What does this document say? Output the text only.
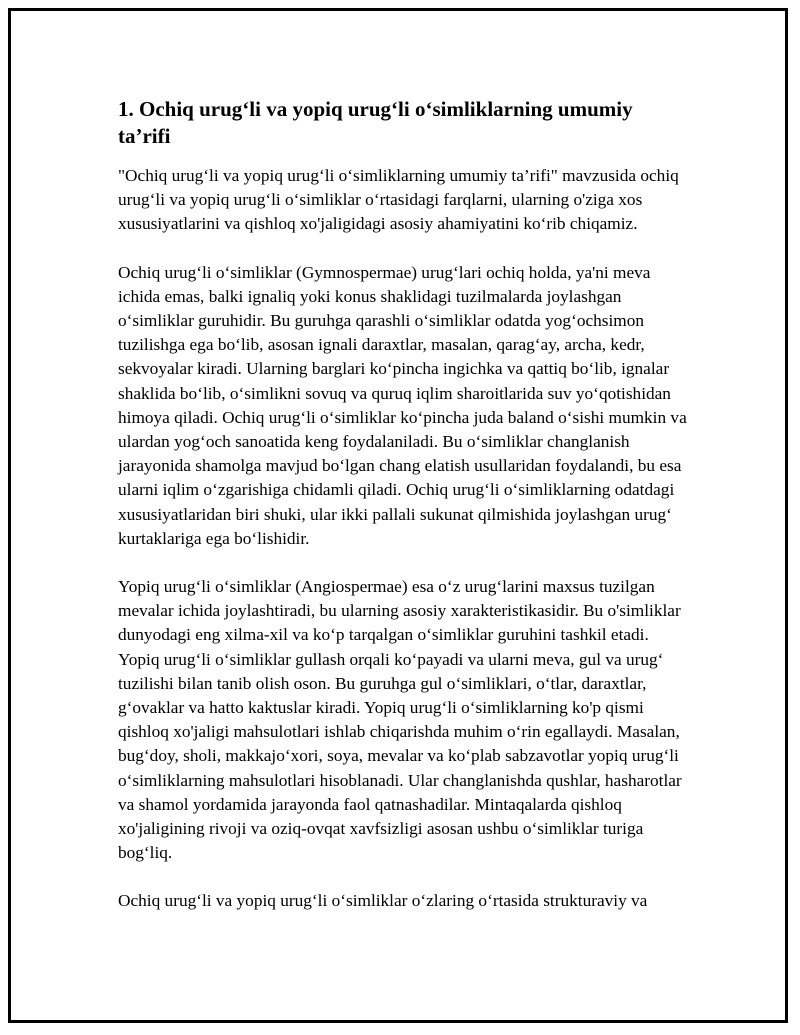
1. Ochiq urug‘li va yopiq urug‘li o‘simliklarning umumiy ta’rifi

"Ochiq urug‘li va yopiq urug‘li o‘simliklarning umumiy ta’rifi" mavzusida ochiq urug‘li va yopiq urug‘li o‘simliklar o‘rtasidagi farqlarni, ularning o'ziga xos xususiyatlarini va qishloq xo'jaligidagi asosiy ahamiyatini ko‘rib chiqamiz.

Ochiq urug‘li o‘simliklar (Gymnospermae) urug‘lari ochiq holda, ya'ni meva ichida emas, balki ignaliq yoki konus shaklidagi tuzilmalarda joylashgan o‘simliklar guruhidir. Bu guruhga qarashli o‘simliklar odatda yog‘ochsimon tuzilishga ega bo‘lib, asosan ignali daraxtlar, masalan, qarag‘ay, archa, kedr, sekvoyalar kiradi. Ularning barglari ko‘pincha ingichka va qattiq bo‘lib, ignalar shaklida bo‘lib, o‘simlikni sovuq va quruq iqlim sharoitlarida suv yo‘qotishidan himoya qiladi. Ochiq urug‘li o‘simliklar ko‘pincha juda baland o‘sishi mumkin va ulardan yog‘och sanoatida keng foydalaniladi. Bu o‘simliklar changlanish jarayonida shamolga mavjud bo‘lgan chang elatish usullaridan foydalandi, bu esa ularni iqlim o‘zgarishiga chidamli qiladi. Ochiq urug‘li o‘simliklarning odatdagi xususiyatlaridan biri shuki, ular ikki pallali sukunat qilmishida joylashgan urug‘ kurtaklariga ega bo‘lishidir.

Yopiq urug‘li o‘simliklar (Angiospermae) esa o‘z urug‘larini maxsus tuzilgan mevalar ichida joylashtiradi, bu ularning asosiy xarakteristikasidir. Bu o'simliklar dunyodagi eng xilma-xil va ko‘p tarqalgan o‘simliklar guruhini tashkil etadi. Yopiq urug‘li o‘simliklar gullash orqali ko‘payadi va ularni meva, gul va urug‘ tuzilishi bilan tanib olish oson. Bu guruhga gul o‘simliklari, o‘tlar, daraxtlar, g‘ovaklar va hatto kaktuslar kiradi. Yopiq urug‘li o‘simliklarning ko'p qismi qishloq xo'jaligi mahsulotlari ishlab chiqarishda muhim o‘rin egallaydi. Masalan, bug‘doy, sholi, makkajo‘xori, soya, mevalar va ko‘plab sabzavotlar yopiq urug‘li o‘simliklarning mahsulotlari hisoblanadi. Ular changlanishda qushlar, hasharotlar va shamol yordamida jarayonda faol qatnashadilar. Mintaqalarda qishloq xo'jaligining rivoji va oziq-ovqat xavfsizligi asosan ushbu o‘simliklar turiga bog‘liq.

Ochiq urug‘li va yopiq urug‘li o‘simliklar o‘zlaring o‘rtasida strukturaviy va
